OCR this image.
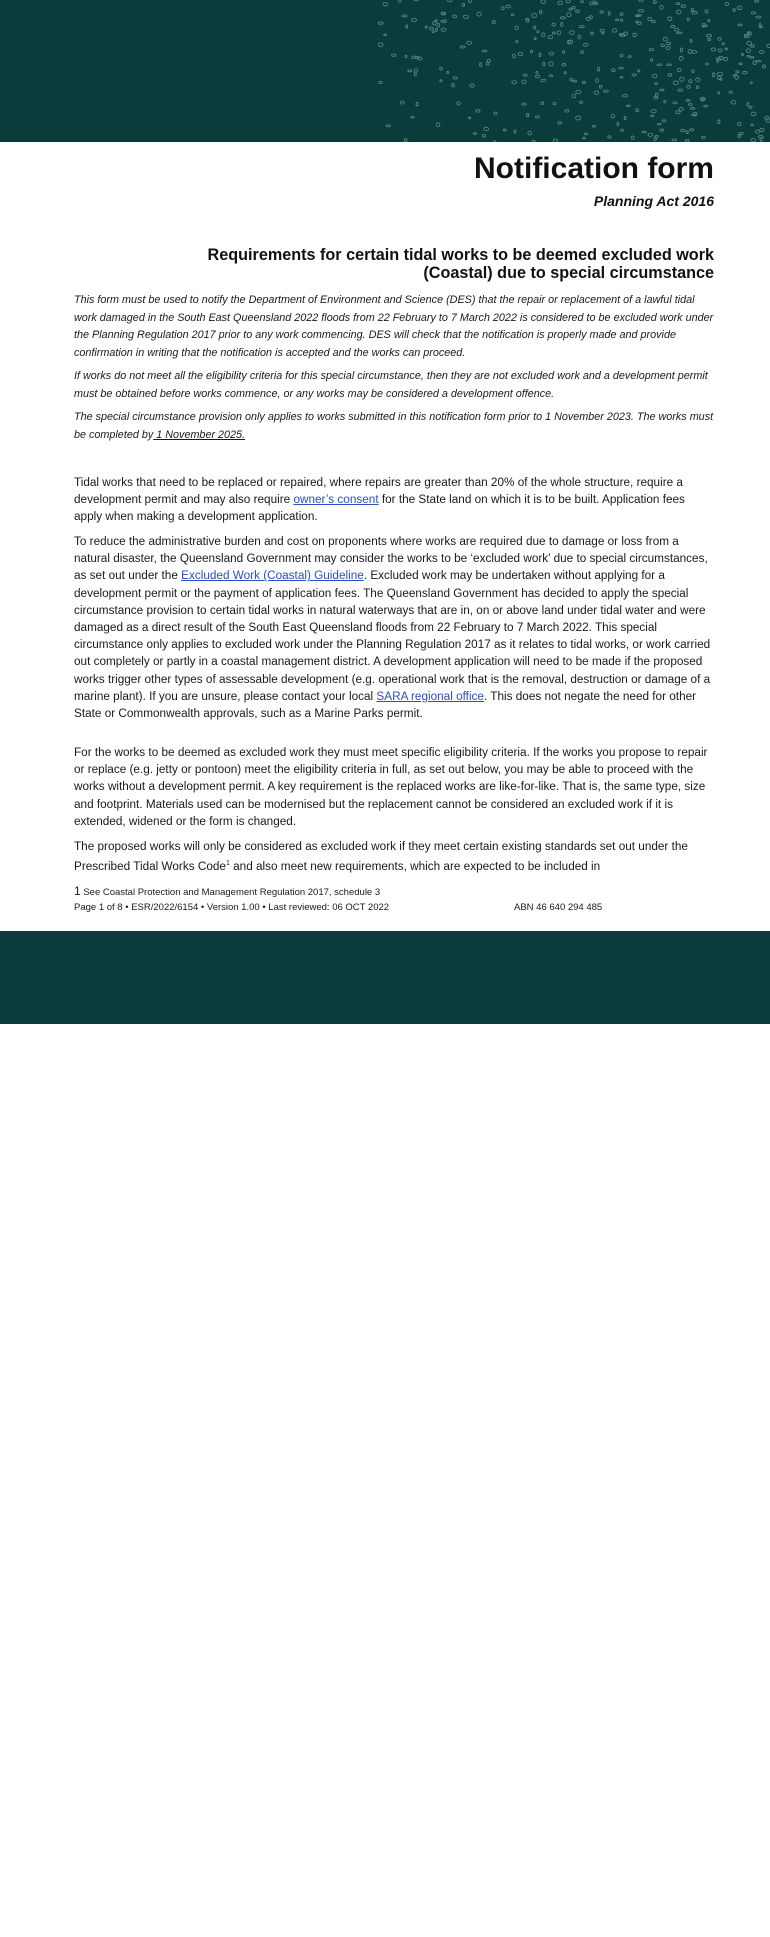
Notification form
Planning Act 2016
Requirements for certain tidal works to be deemed excluded work
(Coastal) due to special circumstance

This form must be used to notify the Department of Environment and Science (DES) that the repair or replacement of a lawful tidal work damaged in the South East Queensland 2022 floods from 22 February to 7 March 2022 is considered to be excluded work under the Planning Regulation 2017 prior to any work commencing. DES will check that the notification is properly made and provide confirmation in writing that the notification is accepted and the works can proceed.

If works do not meet all the eligibility criteria for this special circumstance, then they are not excluded work and a development permit must be obtained before works commence, or any works may be considered a development offence.

The special circumstance provision only applies to works submitted in this notification form prior to 1 November 2023. The works must be completed by 1 November 2025.

Tidal works that need to be replaced or repaired, where repairs are greater than 20% of the whole structure, require a development permit and may also require owner’s consent for the State land on which it is to be built. Application fees apply when making a development application.

To reduce the administrative burden and cost on proponents where works are required due to damage or loss from a natural disaster, the Queensland Government may consider the works to be ‘excluded work’ due to special circumstances, as set out under the Excluded Work (Coastal) Guideline. Excluded work may be undertaken without applying for a development permit or the payment of application fees. The Queensland Government has decided to apply the special circumstance provision to certain tidal works in natural waterways that are in, on or above land under tidal water and were damaged as a direct result of the South East Queensland floods from 22 February to 7 March 2022. This special circumstance only applies to excluded work under the Planning Regulation 2017 as it relates to tidal works, or work carried out completely or partly in a coastal management district. A development application will need to be made if the proposed works trigger other types of assessable development (e.g. operational work that is the removal, destruction or damage of a marine plant). If you are unsure, please contact your local SARA regional office. This does not negate the need for other State or Commonwealth approvals, such as a Marine Parks permit.

For the works to be deemed as excluded work they must meet specific eligibility criteria. If the works you propose to repair or replace (e.g. jetty or pontoon) meet the eligibility criteria in full, as set out below, you may be able to proceed with the works without a development permit. A key requirement is the replaced works are like-for-like. That is, the same type, size and footprint. Materials used can be modernised but the replacement cannot be considered an excluded work if it is extended, widened or the form is changed.

The proposed works will only be considered as excluded work if they meet certain existing standards set out under the Prescribed Tidal Works Code$^1$ and also meet new requirements, which are expected to be included in

1 See Coastal Protection and Management Regulation 2017, schedule 3
Page 1 of 8 • ESR/2022/6154 • Version 1.00 • Last reviewed: 06 OCT 2022	ABN 46 640 294 485
Queensland
Government
